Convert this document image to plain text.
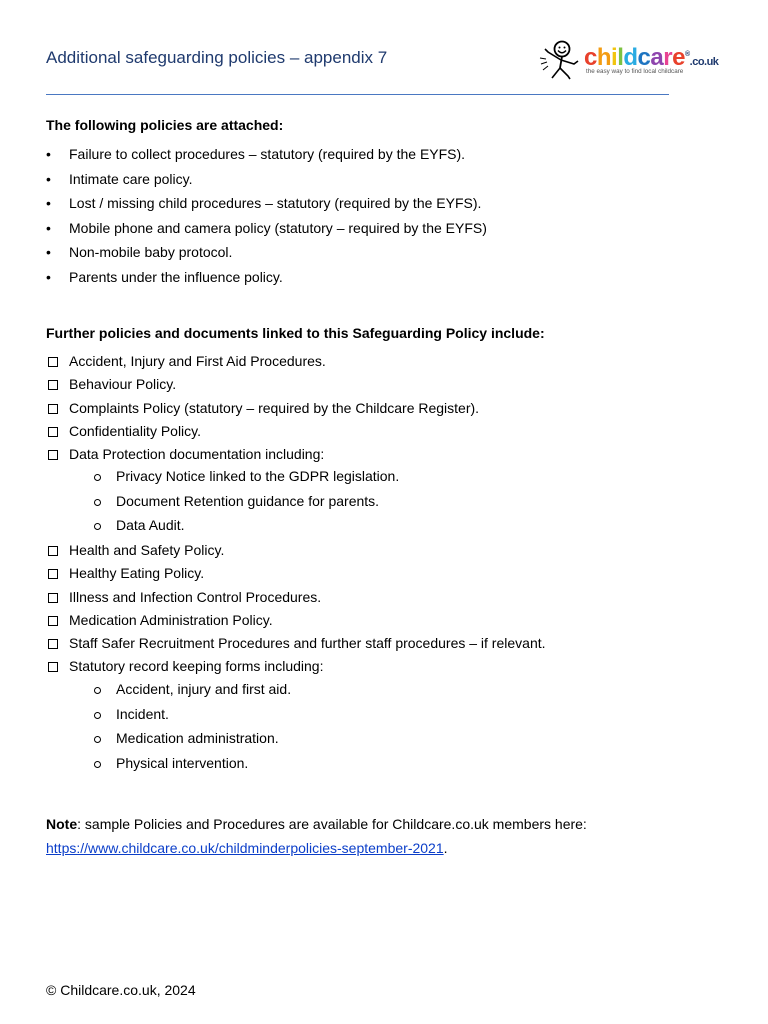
Additional safeguarding policies – appendix 7	childcare®.co.uk
the easy way to find local childcare
The following policies are attached:
• Failure to collect procedures – statutory (required by the EYFS).
• Intimate care policy.
• Lost / missing child procedures – statutory (required by the EYFS).
• Mobile phone and camera policy (statutory – required by the EYFS)
• Non-mobile baby protocol.
• Parents under the influence policy.
Further policies and documents linked to this Safeguarding Policy include:
Accident, Injury and First Aid Procedures.
Behaviour Policy.
Complaints Policy (statutory – required by the Childcare Register).
Confidentiality Policy.
Data Protection documentation including:
Privacy Notice linked to the GDPR legislation.
Document Retention guidance for parents.
Data Audit.
Health and Safety Policy.
Healthy Eating Policy.
Illness and Infection Control Procedures.
Medication Administration Policy.
Staff Safer Recruitment Procedures and further staff procedures – if relevant.
Statutory record keeping forms including:
Accident, injury and first aid.
Incident.
Medication administration.
Physical intervention.
Note: sample Policies and Procedures are available for Childcare.co.uk members here:
https://www.childcare.co.uk/childminderpolicies-september-2021.
© Childcare.co.uk, 2024
